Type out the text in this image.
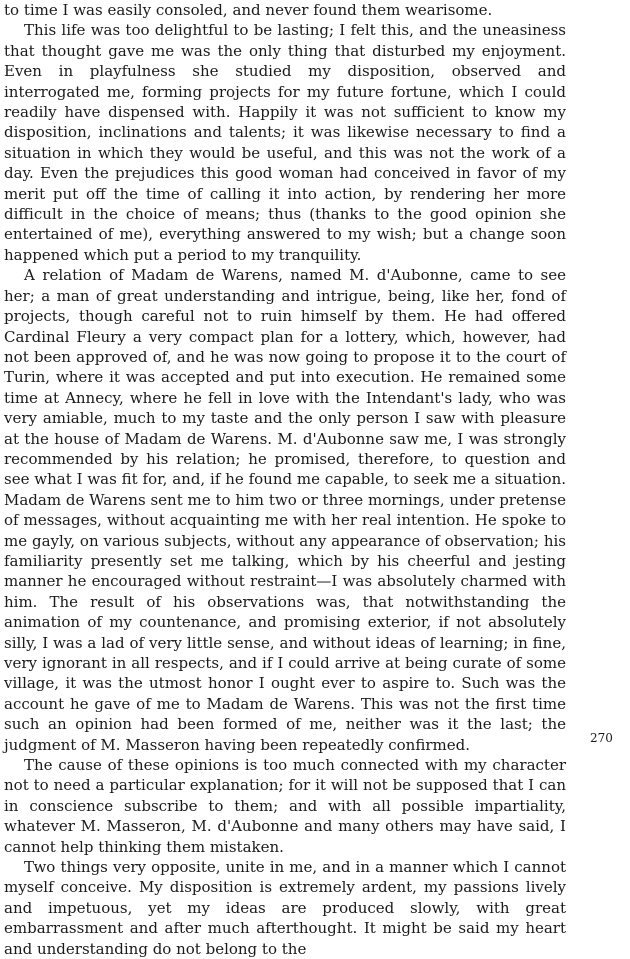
to time I was easily consoled, and never found them wearisome.

This life was too delightful to be lasting; I felt this, and the uneasiness that thought gave me was the only thing that disturbed my enjoyment. Even in playfulness she studied my disposition, observed and interrogated me, forming projects for my future fortune, which I could readily have dispensed with. Happily it was not sufficient to know my disposition, inclinations and talents; it was likewise necessary to find a situation in which they would be useful, and this was not the work of a day. Even the prejudices this good woman had conceived in favor of my merit put off the time of calling it into action, by rendering her more difficult in the choice of means; thus (thanks to the good opinion she entertained of me), everything answered to my wish; but a change soon happened which put a period to my tranquility.

A relation of Madam de Warens, named M. d'Aubonne, came to see her; a man of great understanding and intrigue, being, like her, fond of projects, though careful not to ruin himself by them. He had offered Cardinal Fleury a very compact plan for a lottery, which, however, had not been approved of, and he was now going to propose it to the court of Turin, where it was accepted and put into execution. He remained some time at Annecy, where he fell in love with the Intendant's lady, who was very amiable, much to my taste and the only person I saw with pleasure at the house of Madam de Warens. M. d'Aubonne saw me, I was strongly recommended by his relation; he promised, therefore, to question and see what I was fit for, and, if he found me capable, to seek me a situation. Madam de Warens sent me to him two or three mornings, under pretense of messages, without acquainting me with her real intention. He spoke to me gayly, on various subjects, without any appearance of observation; his familiarity presently set me talking, which by his cheerful and jesting manner he encouraged without restraint—I was absolutely charmed with him. The result of his observations was, that notwithstanding the animation of my countenance, and promising exterior, if not absolutely silly, I was a lad of very little sense, and without ideas of learning; in fine, very ignorant in all respects, and if I could arrive at being curate of some village, it was the utmost honor I ought ever to aspire to. Such was the account he gave of me to Madam de Warens. This was not the first time such an opinion had been formed of me, neither was it the last; the judgment of M. Masseron having been repeatedly confirmed.

The cause of these opinions is too much connected with my character not to need a particular explanation; for it will not be supposed that I can in conscience subscribe to them; and with all possible impartiality, whatever M. Masseron, M. d'Aubonne and many others may have said, I cannot help thinking them mistaken.

Two things very opposite, unite in me, and in a manner which I cannot myself conceive. My disposition is extremely ardent, my passions lively and impetuous, yet my ideas are produced slowly, with great embarrassment and after much afterthought. It might be said my heart and understanding do not belong to the

270
